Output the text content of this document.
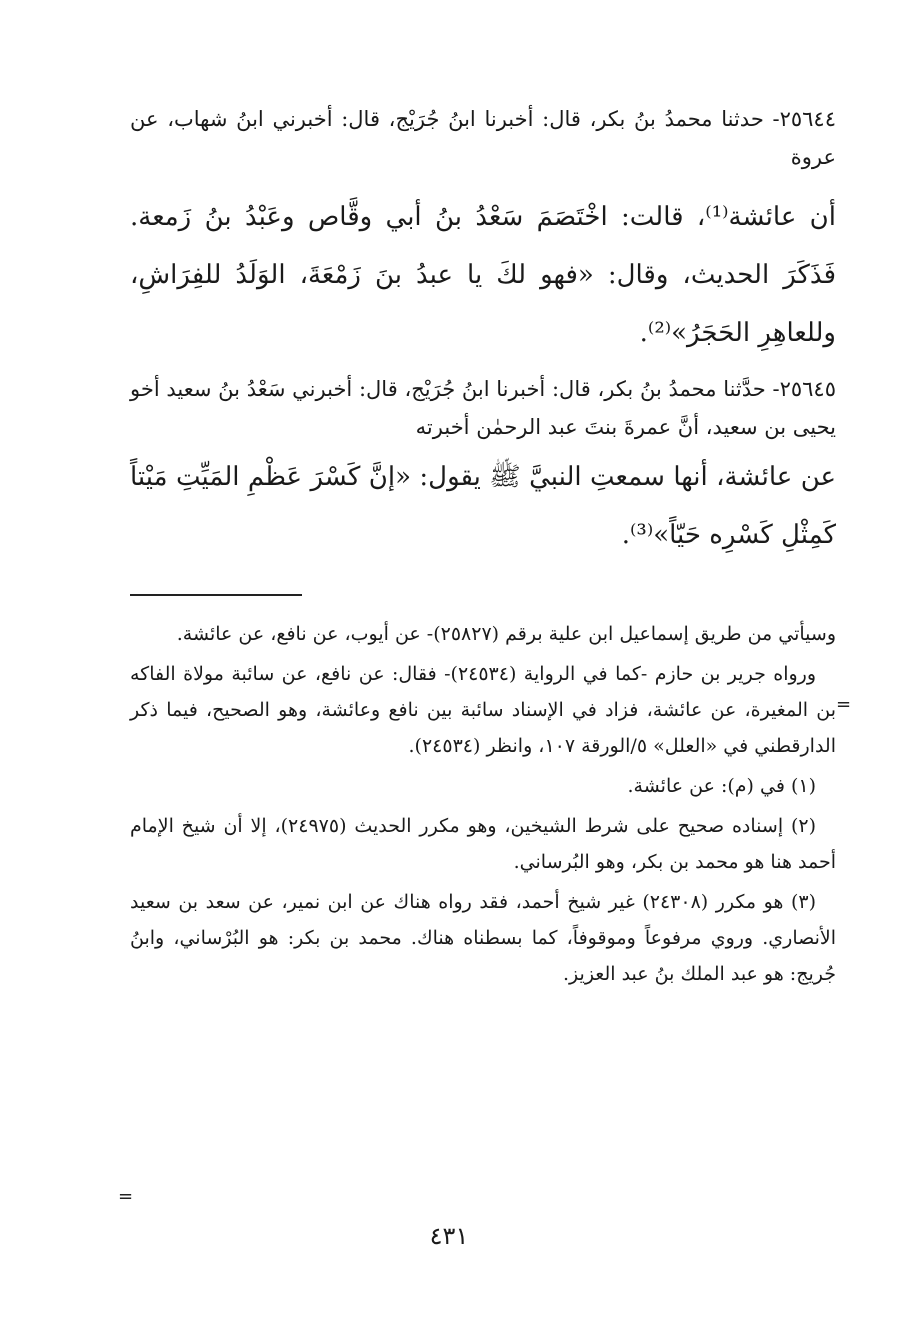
٢٥٦٤٤- حدثنا محمدُ بنُ بكر، قال: أخبرنا ابنُ جُرَيْج، قال: أخبرني ابنُ شهاب، عن عروة

أن عائشة⁽¹⁾، قالت: اخْتَصَمَ سَعْدُ بنُ أبي وقَّاص وعَبْدُ بنُ زَمعة. فَذَكَرَ الحديث، وقال: «فهو لكَ يا عبدُ بنَ زَمْعَةَ، الوَلَدُ للفِرَاشِ، وللعاهِرِ الحَجَرُ»⁽²⁾.

٢٥٦٤٥- حدَّثنا محمدُ بنُ بكر، قال: أخبرنا ابنُ جُرَيْج، قال: أخبرني سَعْدُ بنُ سعيد أخو يحيى بن سعيد، أنَّ عمرةَ بنتَ عبد الرحمٰن أخبرته

عن عائشة، أنها سمعتِ النبيَّ ﷺ يقول: «إنَّ كَسْرَ عَظْمِ المَيِّتِ مَيْتاً كَمِثْلِ كَسْرِه حَيّاً»⁽³⁾.

وسيأتي من طريق إسماعيل ابن علية برقم (٢٥٨٢٧)- عن أيوب، عن نافع، عن عائشة.

ورواه جرير بن حازم -كما في الرواية (٢٤٥٣٤)- فقال: عن نافع، عن سائبة مولاة الفاكه بن المغيرة، عن عائشة، فزاد في الإسناد سائبة بين نافع وعائشة، وهو الصحيح، فيما ذكر الدارقطني في «العلل» ٥/الورقة ١٠٧، وانظر (٢٤٥٣٤).

(١) في (م): عن عائشة.

(٢) إسناده صحيح على شرط الشيخين، وهو مكرر الحديث (٢٤٩٧٥)، إلا أن شيخ الإمام أحمد هنا هو محمد بن بكر، وهو البُرساني.

(٣) هو مكرر (٢٤٣٠٨) غير شيخ أحمد، فقد رواه هناك عن ابن نمير، عن سعد بن سعيد الأنصاري. وروي مرفوعاً وموقوفاً، كما بسطناه هناك. محمد بن بكر: هو البُرْساني، وابنُ جُريج: هو عبد الملك بنُ عبد العزيز.

=
=
٤٣١
